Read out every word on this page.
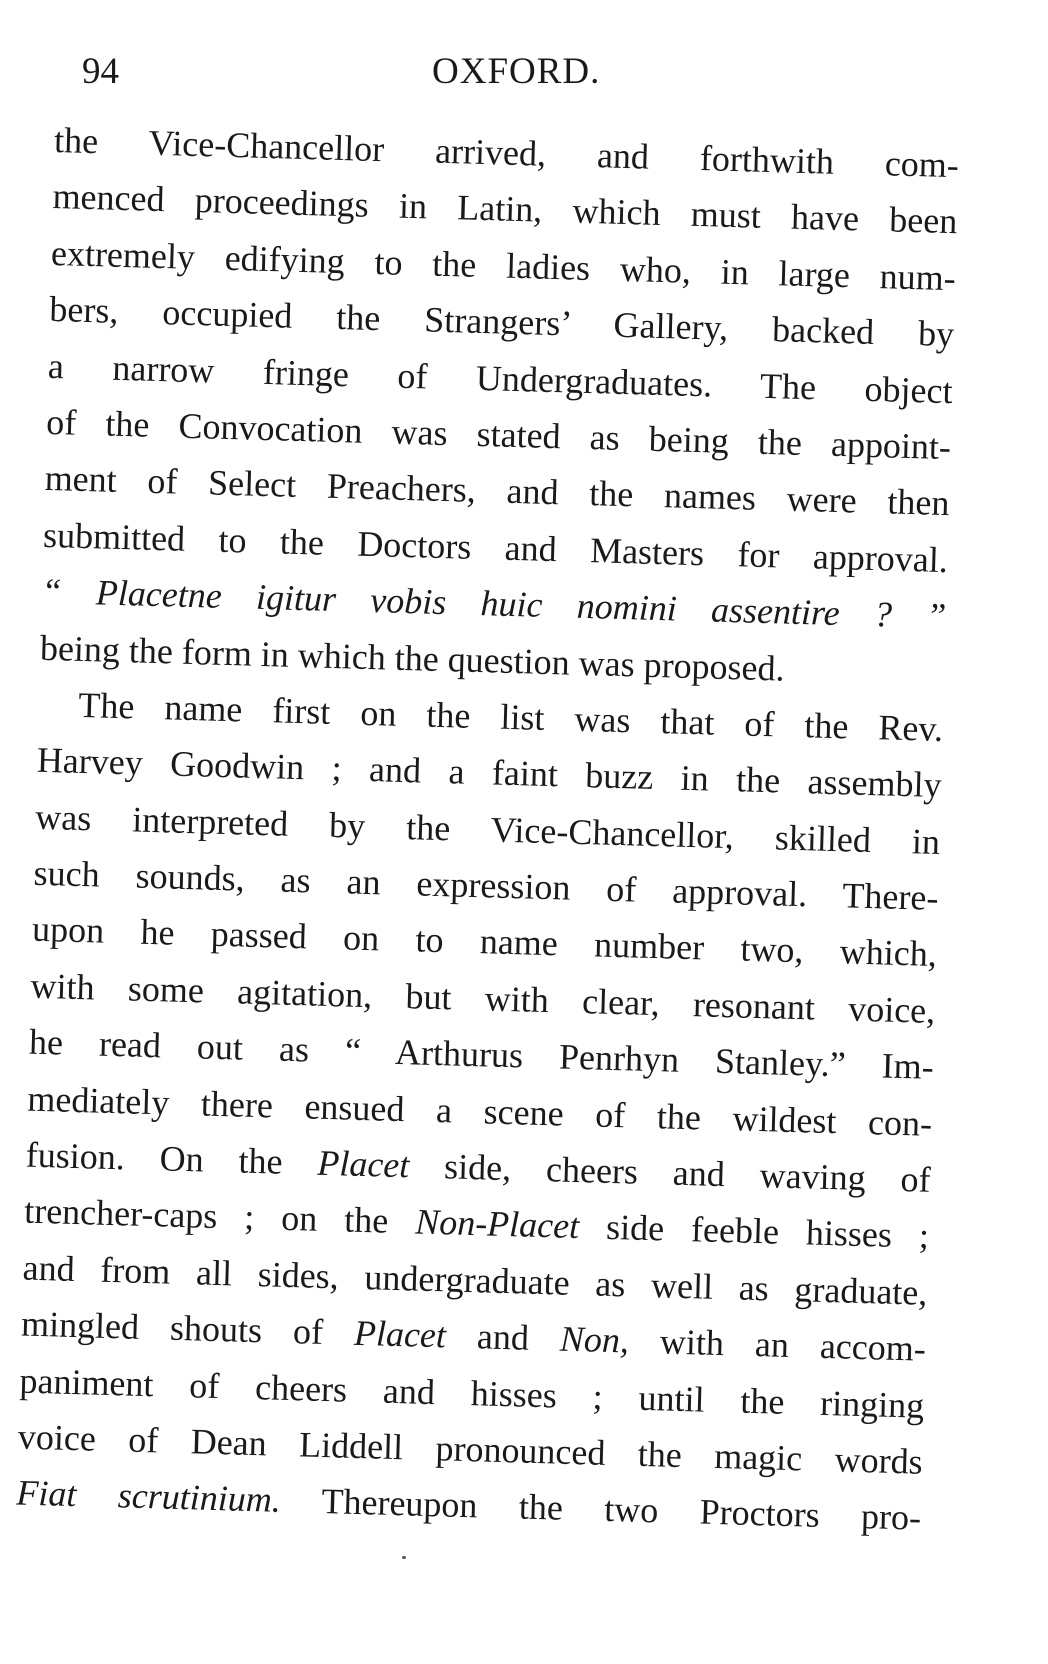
94	OXFORD.
the Vice-Chancellor arrived, and forthwith com-
menced proceedings in Latin, which must have been
extremely edifying to the ladies who, in large num-
bers, occupied the Strangers’ Gallery, backed by
a narrow fringe of Undergraduates. The object
of the Convocation was stated as being the appoint-
ment of Select Preachers, and the names were then
submitted to the Doctors and Masters for approval.
“ Placetne igitur vobis huic nomini assentire ? ”
being the form in which the question was proposed.
The name first on the list was that of the Rev.
Harvey Goodwin ; and a faint buzz in the assembly
was interpreted by the Vice-Chancellor, skilled in
such sounds, as an expression of approval. There-
upon he passed on to name number two, which,
with some agitation, but with clear, resonant voice,
he read out as “ Arthurus Penrhyn Stanley.” Im-
mediately there ensued a scene of the wildest con-
fusion. On the Placet side, cheers and waving of
trencher-caps ; on the Non-Placet side feeble hisses ;
and from all sides, undergraduate as well as graduate,
mingled shouts of Placet and Non, with an accom-
paniment of cheers and hisses ; until the ringing
voice of Dean Liddell pronounced the magic words
Fiat scrutinium. Thereupon the two Proctors pro-
